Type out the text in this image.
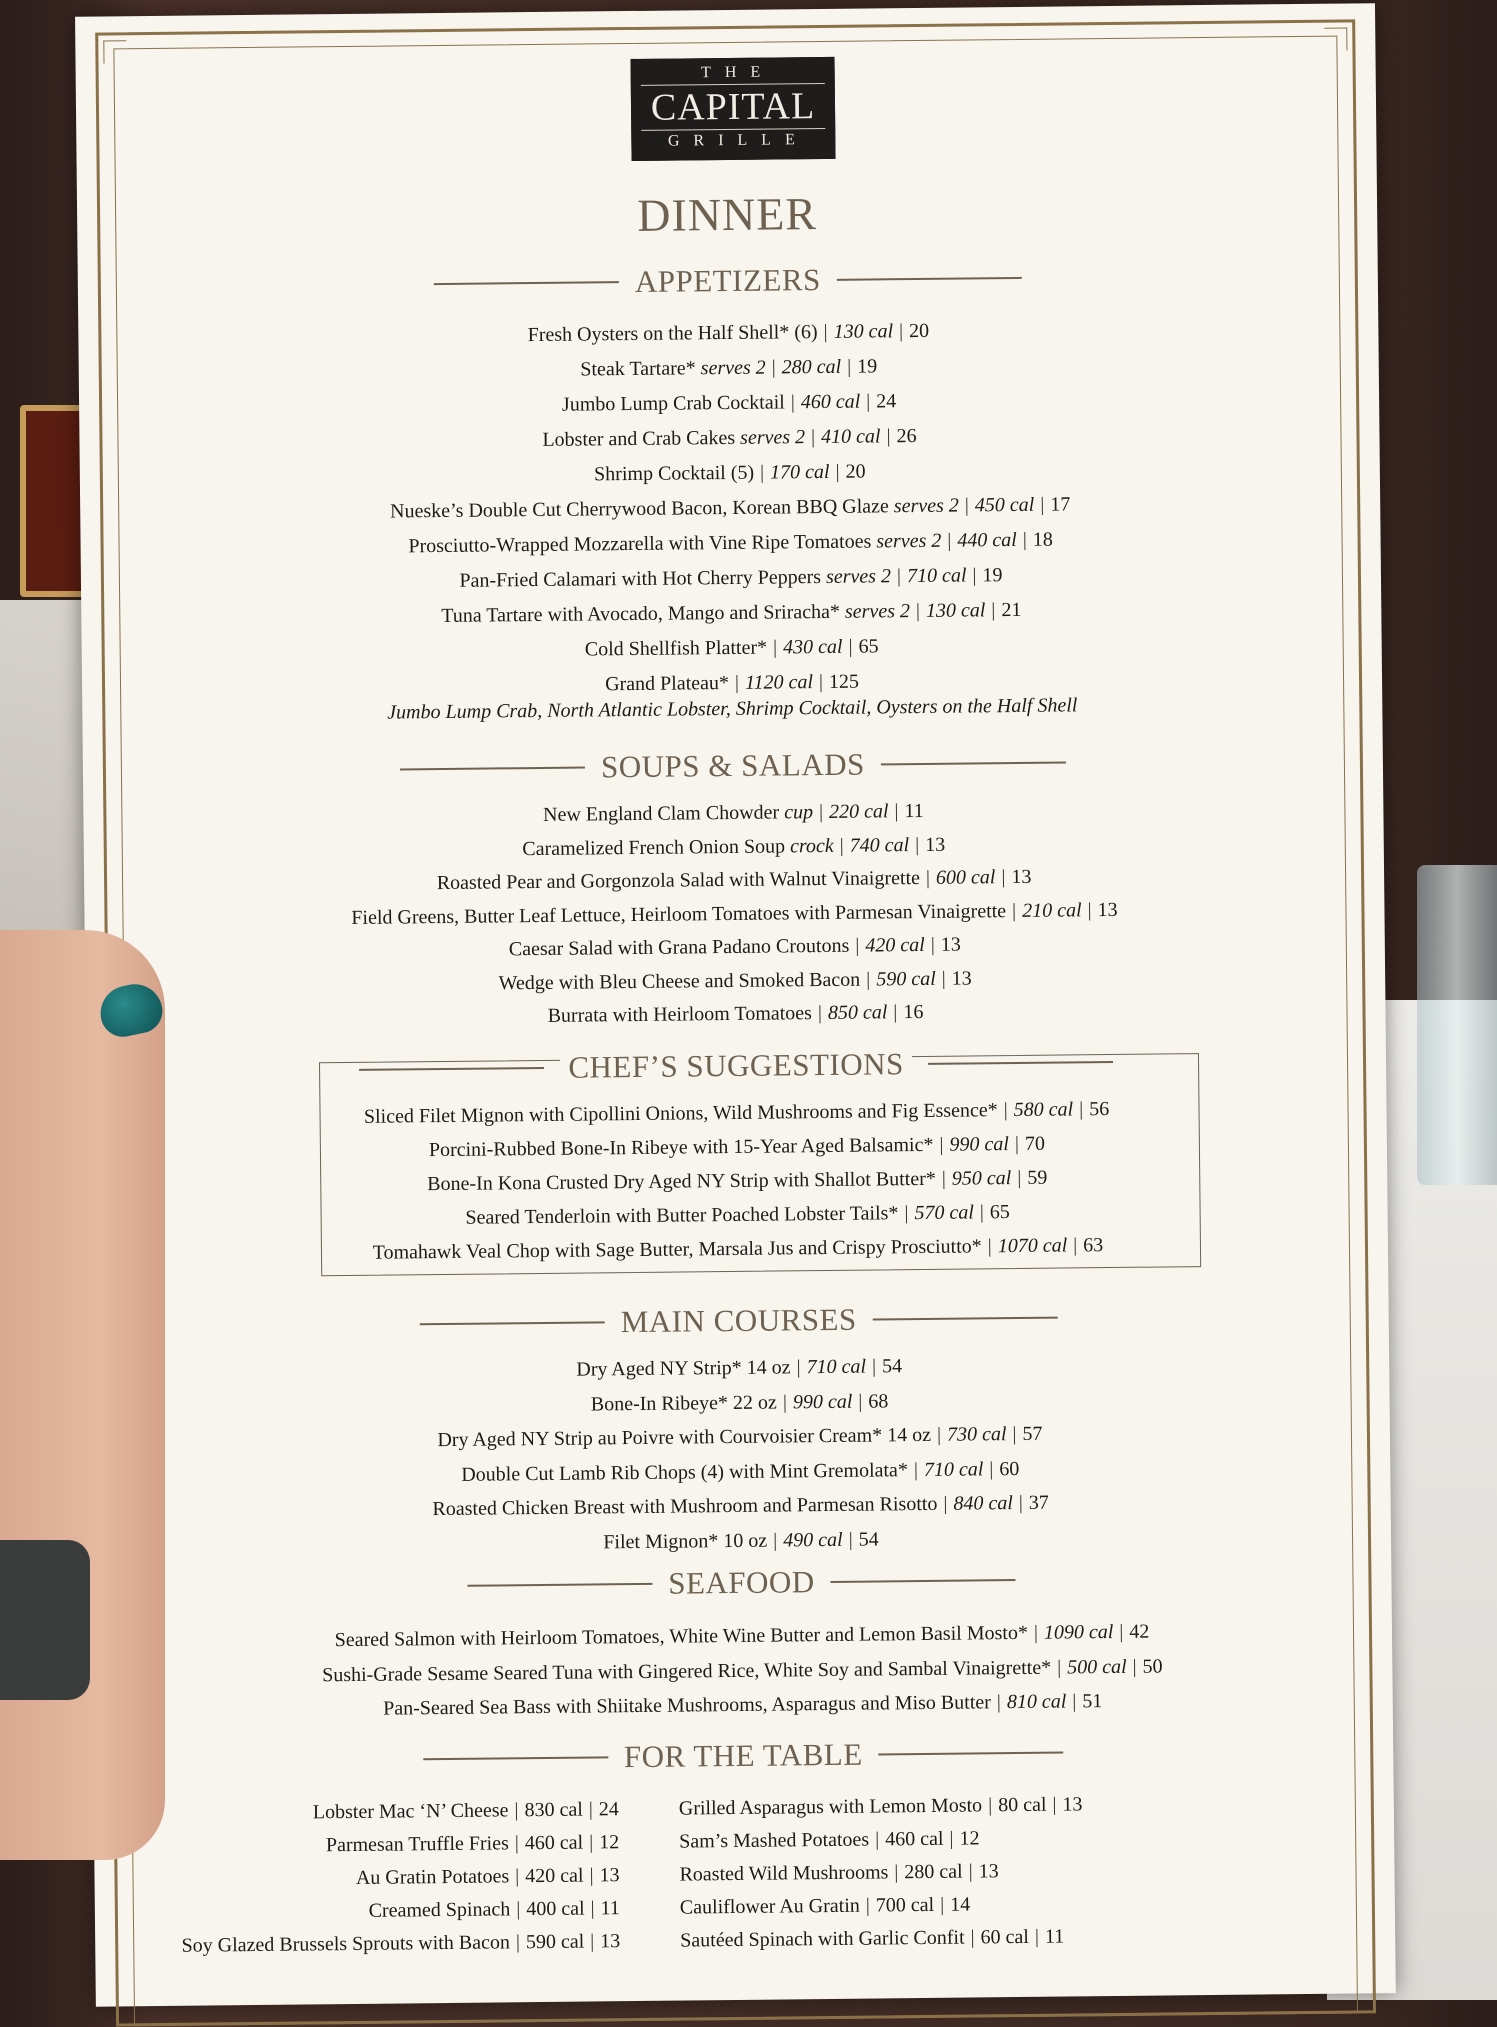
THE
CAPITAL
GRILLE
DINNER
APPETIZERS
Fresh Oysters on the Half Shell* (6) | 130 cal | 20
Steak Tartare* serves 2 | 280 cal | 19
Jumbo Lump Crab Cocktail | 460 cal | 24
Lobster and Crab Cakes serves 2 | 410 cal | 26
Shrimp Cocktail (5) | 170 cal | 20
Nueske’s Double Cut Cherrywood Bacon, Korean BBQ Glaze serves 2 | 450 cal | 17
Prosciutto-Wrapped Mozzarella with Vine Ripe Tomatoes serves 2 | 440 cal | 18
Pan-Fried Calamari with Hot Cherry Peppers serves 2 | 710 cal | 19
Tuna Tartare with Avocado, Mango and Sriracha* serves 2 | 130 cal | 21
Cold Shellfish Platter* | 430 cal | 65
Grand Plateau* | 1120 cal | 125
Jumbo Lump Crab, North Atlantic Lobster, Shrimp Cocktail, Oysters on the Half Shell
SOUPS & SALADS
New England Clam Chowder cup | 220 cal | 11
Caramelized French Onion Soup crock | 740 cal | 13
Roasted Pear and Gorgonzola Salad with Walnut Vinaigrette | 600 cal | 13
Field Greens, Butter Leaf Lettuce, Heirloom Tomatoes with Parmesan Vinaigrette | 210 cal | 13
Caesar Salad with Grana Padano Croutons | 420 cal | 13
Wedge with Bleu Cheese and Smoked Bacon | 590 cal | 13
Burrata with Heirloom Tomatoes | 850 cal | 16
CHEF’S SUGGESTIONS
Sliced Filet Mignon with Cipollini Onions, Wild Mushrooms and Fig Essence* | 580 cal | 56
Porcini-Rubbed Bone-In Ribeye with 15-Year Aged Balsamic* | 990 cal | 70
Bone-In Kona Crusted Dry Aged NY Strip with Shallot Butter* | 950 cal | 59
Seared Tenderloin with Butter Poached Lobster Tails* | 570 cal | 65
Tomahawk Veal Chop with Sage Butter, Marsala Jus and Crispy Prosciutto* | 1070 cal | 63
MAIN COURSES
Dry Aged NY Strip* 14 oz | 710 cal | 54
Bone-In Ribeye* 22 oz | 990 cal | 68
Dry Aged NY Strip au Poivre with Courvoisier Cream* 14 oz | 730 cal | 57
Double Cut Lamb Rib Chops (4) with Mint Gremolata* | 710 cal | 60
Roasted Chicken Breast with Mushroom and Parmesan Risotto | 840 cal | 37
Filet Mignon* 10 oz | 490 cal | 54
SEAFOOD
Seared Salmon with Heirloom Tomatoes, White Wine Butter and Lemon Basil Mosto* | 1090 cal | 42
Sushi-Grade Sesame Seared Tuna with Gingered Rice, White Soy and Sambal Vinaigrette* | 500 cal | 50
Pan-Seared Sea Bass with Shiitake Mushrooms, Asparagus and Miso Butter | 810 cal | 51
FOR THE TABLE
Lobster Mac ‘N’ Cheese | 830 cal | 24
Parmesan Truffle Fries | 460 cal | 12
Au Gratin Potatoes | 420 cal | 13
Creamed Spinach | 400 cal | 11
Soy Glazed Brussels Sprouts with Bacon | 590 cal | 13
Grilled Asparagus with Lemon Mosto | 80 cal | 13
Sam’s Mashed Potatoes | 460 cal | 12
Roasted Wild Mushrooms | 280 cal | 13
Cauliflower Au Gratin | 700 cal | 14
Sautéed Spinach with Garlic Confit | 60 cal | 11
